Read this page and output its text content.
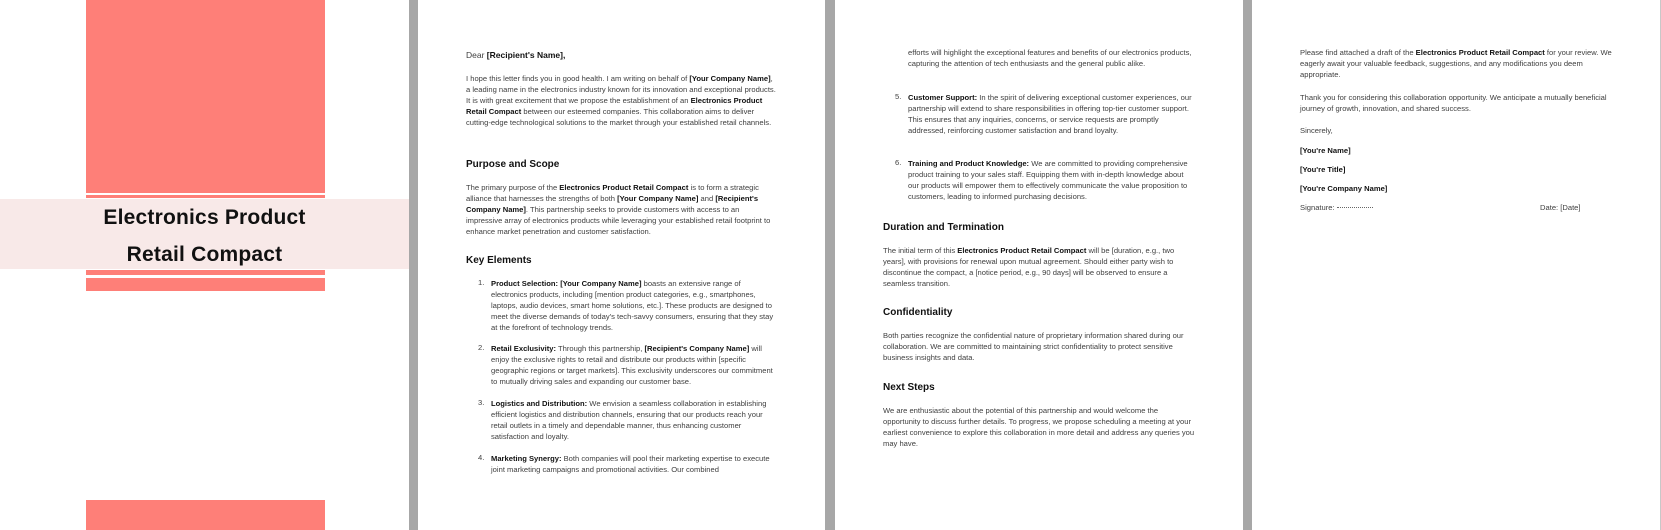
Electronics Product
Retail Compact
Dear [Recipient's Name],
I hope this letter finds you in good health. I am writing on behalf of [Your Company Name], a leading name in the electronics industry known for its innovation and exceptional products. It is with great excitement that we propose the establishment of an Electronics Product Retail Compact between our esteemed companies. This collaboration aims to deliver cutting-edge technological solutions to the market through your established retail channels.
Purpose and Scope
The primary purpose of the Electronics Product Retail Compact is to form a strategic alliance that harnesses the strengths of both [Your Company Name] and [Recipient's Company Name]. This partnership seeks to provide customers with access to an impressive array of electronics products while leveraging your established retail footprint to enhance market penetration and customer satisfaction.
Key Elements
1. Product Selection: [Your Company Name] boasts an extensive range of electronics products, including [mention product categories, e.g., smartphones, laptops, audio devices, smart home solutions, etc.]. These products are designed to meet the diverse demands of today's tech-savvy consumers, ensuring that they stay at the forefront of technology trends.
2. Retail Exclusivity: Through this partnership, [Recipient's Company Name] will enjoy the exclusive rights to retail and distribute our products within [specific geographic regions or target markets]. This exclusivity underscores our commitment to mutually driving sales and expanding our customer base.
3. Logistics and Distribution: We envision a seamless collaboration in establishing efficient logistics and distribution channels, ensuring that our products reach your retail outlets in a timely and dependable manner, thus enhancing customer satisfaction and loyalty.
4. Marketing Synergy: Both companies will pool their marketing expertise to execute joint marketing campaigns and promotional activities. Our combined
efforts will highlight the exceptional features and benefits of our electronics products, capturing the attention of tech enthusiasts and the general public alike.
5. Customer Support: In the spirit of delivering exceptional customer experiences, our partnership will extend to share responsibilities in offering top-tier customer support. This ensures that any inquiries, concerns, or service requests are promptly addressed, reinforcing customer satisfaction and brand loyalty.
6. Training and Product Knowledge: We are committed to providing comprehensive product training to your sales staff. Equipping them with in-depth knowledge about our products will empower them to effectively communicate the value proposition to customers, leading to informed purchasing decisions.
Duration and Termination
The initial term of this Electronics Product Retail Compact will be [duration, e.g., two years], with provisions for renewal upon mutual agreement. Should either party wish to discontinue the compact, a [notice period, e.g., 90 days] will be observed to ensure a seamless transition.
Confidentiality
Both parties recognize the confidential nature of proprietary information shared during our collaboration. We are committed to maintaining strict confidentiality to protect sensitive business insights and data.
Next Steps
We are enthusiastic about the potential of this partnership and would welcome the opportunity to discuss further details. To progress, we propose scheduling a meeting at your earliest convenience to explore this collaboration in more detail and address any queries you may have.
Please find attached a draft of the Electronics Product Retail Compact for your review. We eagerly await your valuable feedback, suggestions, and any modifications you deem appropriate.
Thank you for considering this collaboration opportunity. We anticipate a mutually beneficial journey of growth, innovation, and shared success.
Sincerely,
[You're Name]
[You're Title]
[You're Company Name]
Signature:	Date: [Date]
